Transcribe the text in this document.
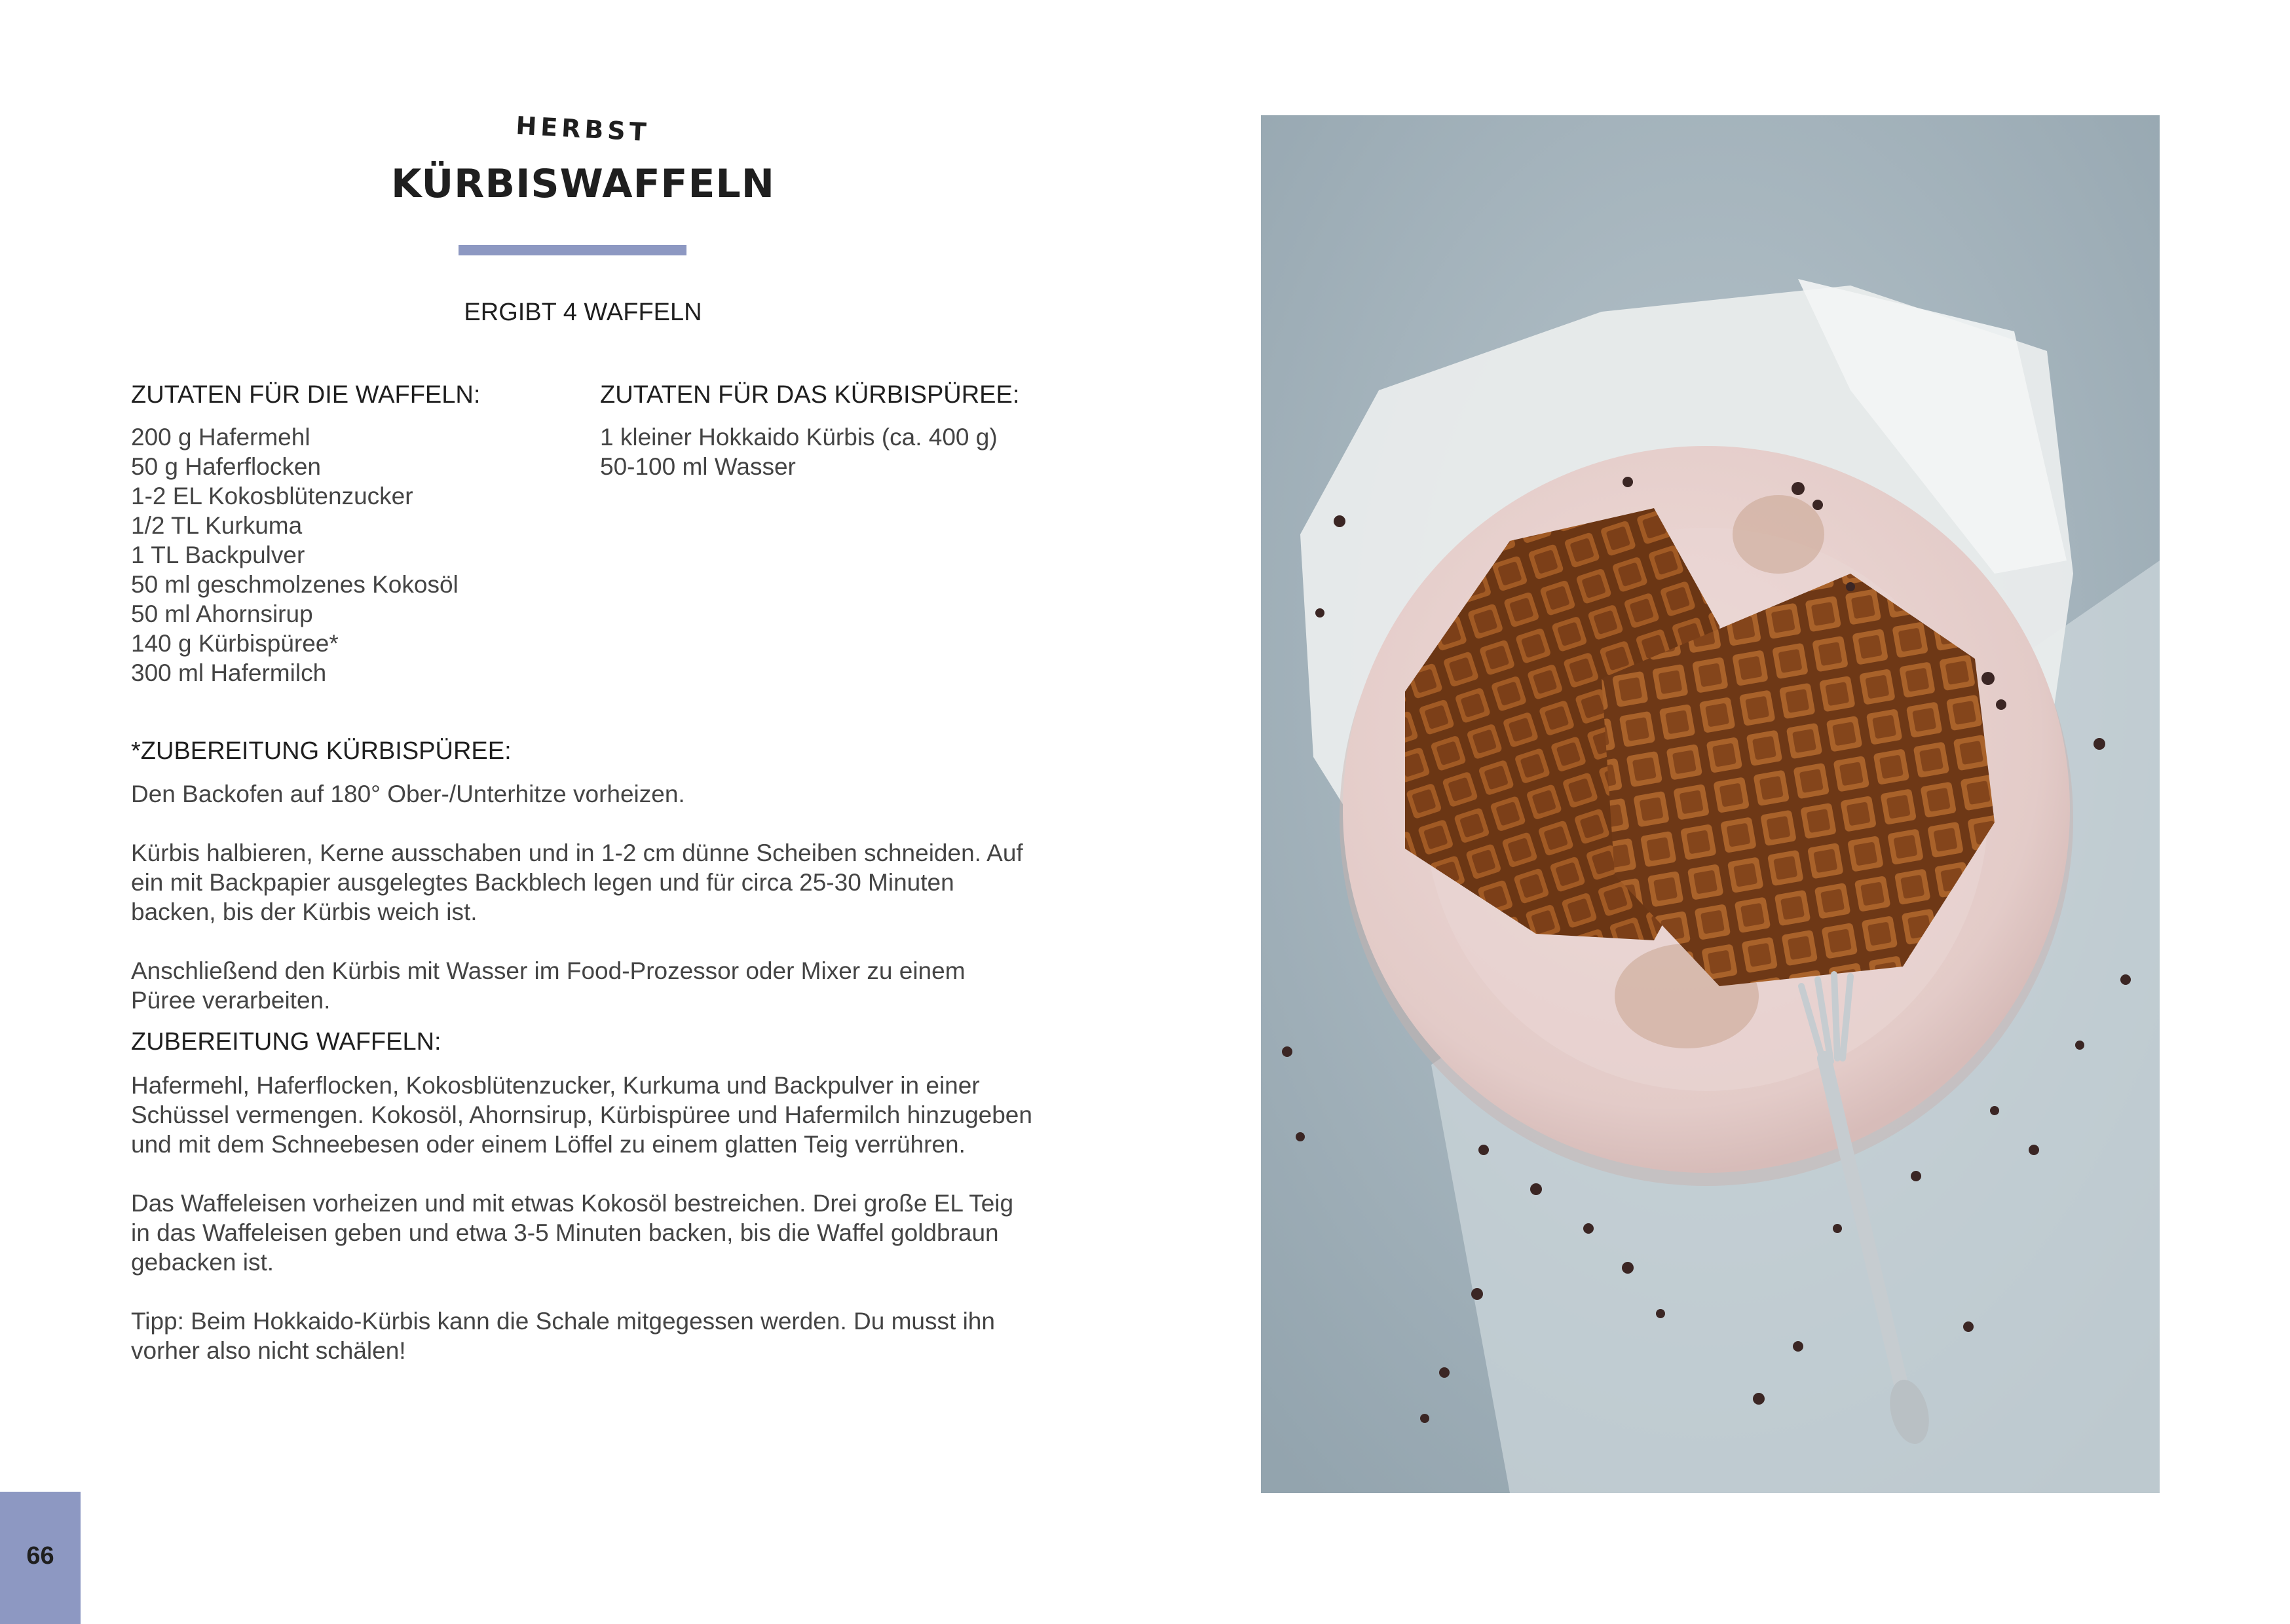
HERBST
KÜRBISWAFFELN
ERGIBT 4 WAFFELN
ZUTATEN FÜR DIE WAFFELN:
200 g Hafermehl
50 g Haferflocken
1-2 EL Kokosblütenzucker
1/2 TL Kurkuma
1 TL Backpulver
50 ml geschmolzenes Kokosöl
50 ml Ahornsirup
140 g Kürbispüree*
300 ml Hafermilch
ZUTATEN FÜR DAS KÜRBISPÜREE:
1 kleiner Hokkaido Kürbis (ca. 400 g)
50-100 ml Wasser
*ZUBEREITUNG KÜRBISPÜREE:

Den Backofen auf 180° Ober-/Unterhitze vorheizen.

Kürbis halbieren, Kerne ausschaben und in 1-2 cm dünne Scheiben schneiden. Auf ein mit Backpapier ausgelegtes Backblech legen und für circa 25-30 Minuten backen, bis der Kürbis weich ist.

Anschließend den Kürbis mit Wasser im Food-Prozessor oder Mixer zu einem Püree verarbeiten.

ZUBEREITUNG WAFFELN:

Hafermehl, Haferflocken, Kokosblütenzucker, Kurkuma und Backpulver in einer Schüssel vermengen. Kokosöl, Ahornsirup, Kürbispüree und Hafermilch hinzugeben und mit dem Schneebesen oder einem Löffel zu einem glatten Teig verrühren.

Das Waffeleisen vorheizen und mit etwas Kokosöl bestreichen. Drei große EL Teig in das Waffeleisen geben und etwa 3-5 Minuten backen, bis die Waffel goldbraun gebacken ist.

Tipp: Beim Hokkaido-Kürbis kann die Schale mitgegessen werden. Du musst ihn vorher also nicht schälen!

66
